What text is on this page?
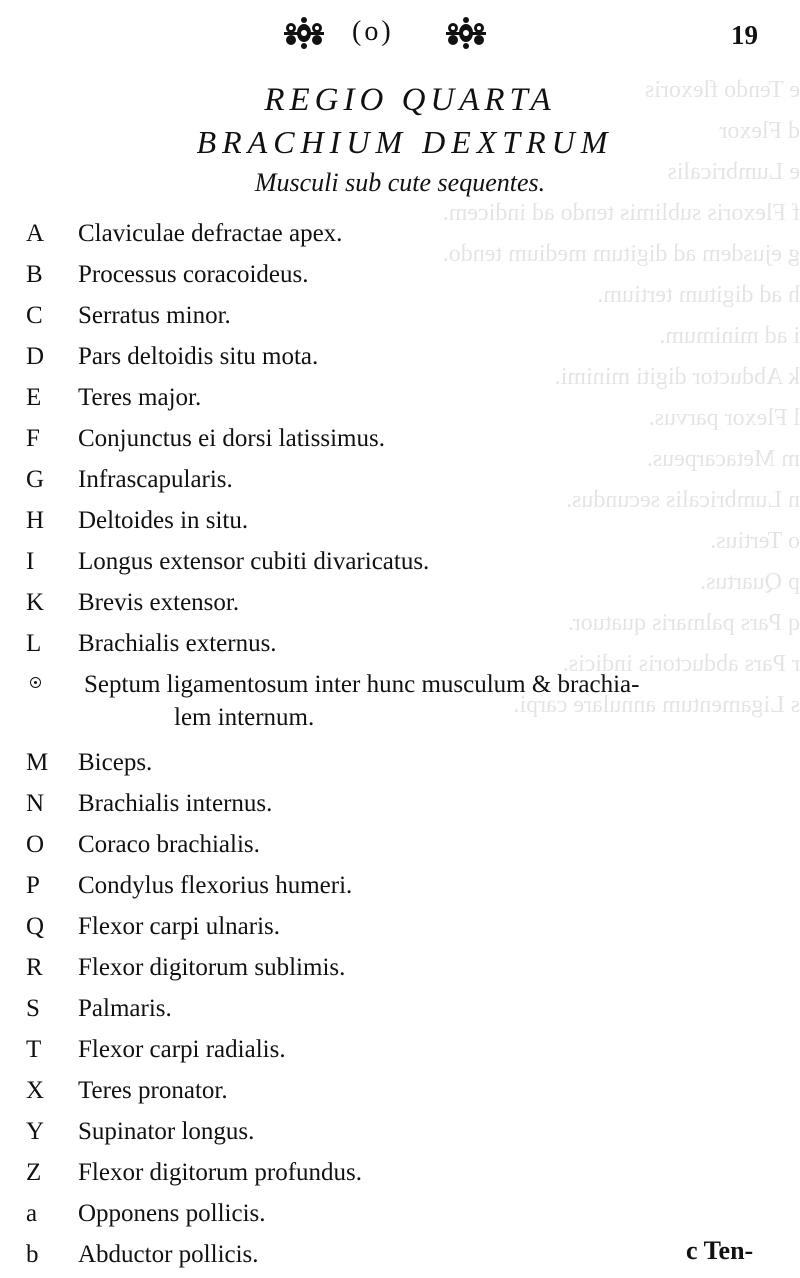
e Tendo flexoris
d Flexor
e Lumbricalis
f Flexoris sublimis tendo ad indicem.
g ejusdem ad digitum medium tendo.
h ad digitum tertium.
i ad minimum.
k Abductor digiti minimi.
l Flexor parvus.
m Metacarpeus.
n Lumbricalis secundus.
o Tertius.
p Quartus.
q Pars palmaris quatuor.
r Pars abductoris indicis.
s Ligamentum annulare carpi.
(o)	19
REGIO QUARTA
BRACHIUM DEXTRUM
Musculi sub cute sequentes.
A	Claviculae defractae apex.
B	Processus coracoideus.
C	Serratus minor.
D	Pars deltoidis situ mota.
E	Teres major.
F	Conjunctus ei dorsi latissimus.
G	Infrascapularis.
H	Deltoides in situ.
I	Longus extensor cubiti divaricatus.
K	Brevis extensor.
L	Brachialis externus.
Septum ligamentosum inter hunc musculum & brachia-
lem internum.
M	Biceps.
N	Brachialis internus.
O	Coraco brachialis.
P	Condylus flexorius humeri.
Q	Flexor carpi ulnaris.
R	Flexor digitorum sublimis.
S	Palmaris.
T	Flexor carpi radialis.
X	Teres pronator.
Y	Supinator longus.
Z	Flexor digitorum profundus.
a	Opponens pollicis.
b	Abductor pollicis.	c Ten-
